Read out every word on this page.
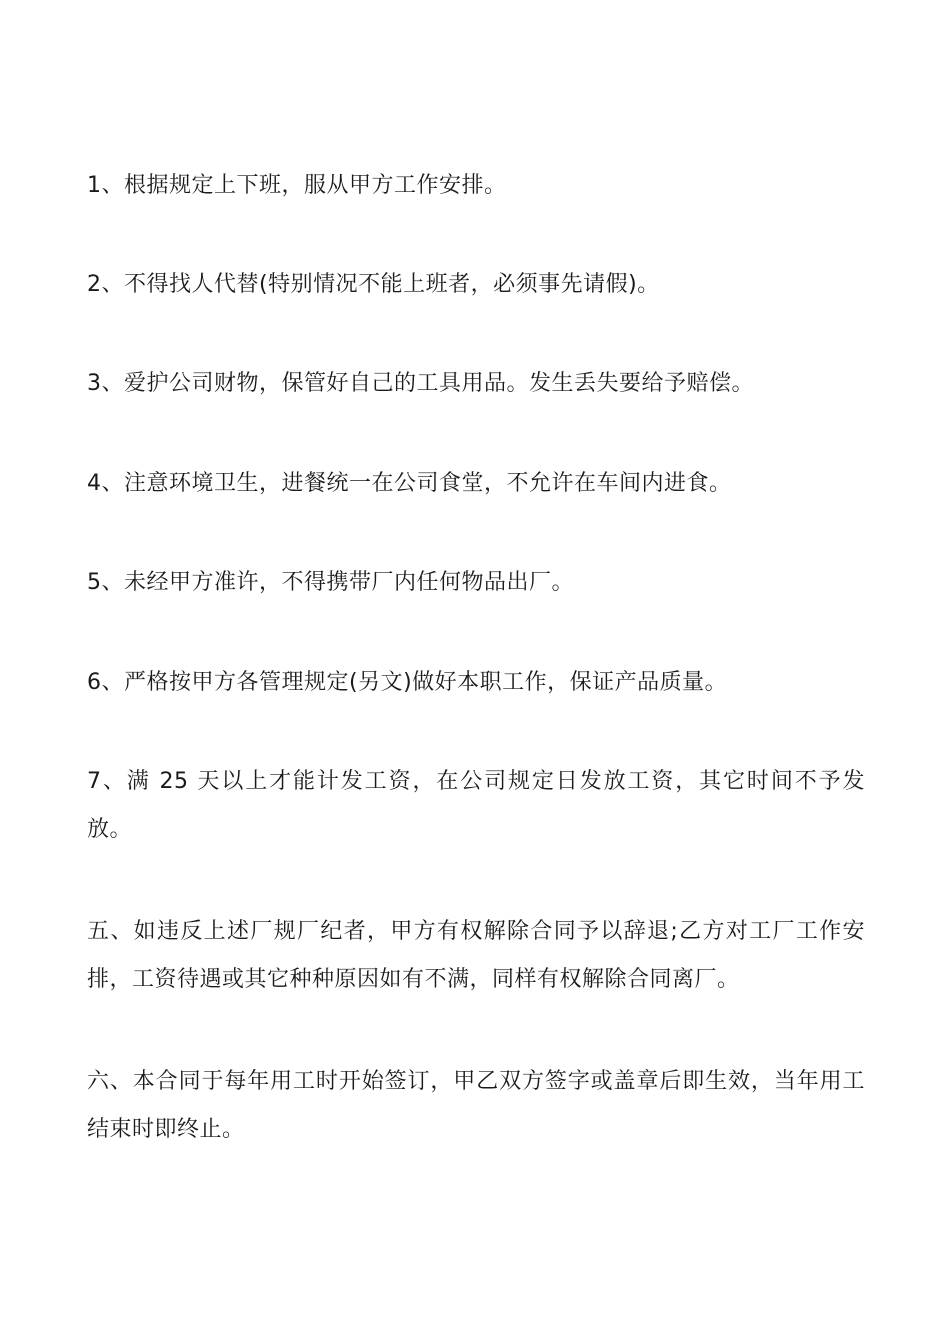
1、根据规定上下班，服从甲方工作安排。

2、不得找人代替(特别情况不能上班者，必须事先请假)。

3、爱护公司财物，保管好自己的工具用品。发生丢失要给予赔偿。

4、注意环境卫生，进餐统一在公司食堂，不允许在车间内进食。

5、未经甲方准许，不得携带厂内任何物品出厂。

6、严格按甲方各管理规定(另文)做好本职工作，保证产品质量。

7、满 25 天以上才能计发工资，在公司规定日发放工资，其它时间不予发放。

五、如违反上述厂规厂纪者，甲方有权解除合同予以辞退;乙方对工厂工作安排，工资待遇或其它种种原因如有不满，同样有权解除合同离厂。

六、本合同于每年用工时开始签订，甲乙双方签字或盖章后即生效，当年用工结束时即终止。
